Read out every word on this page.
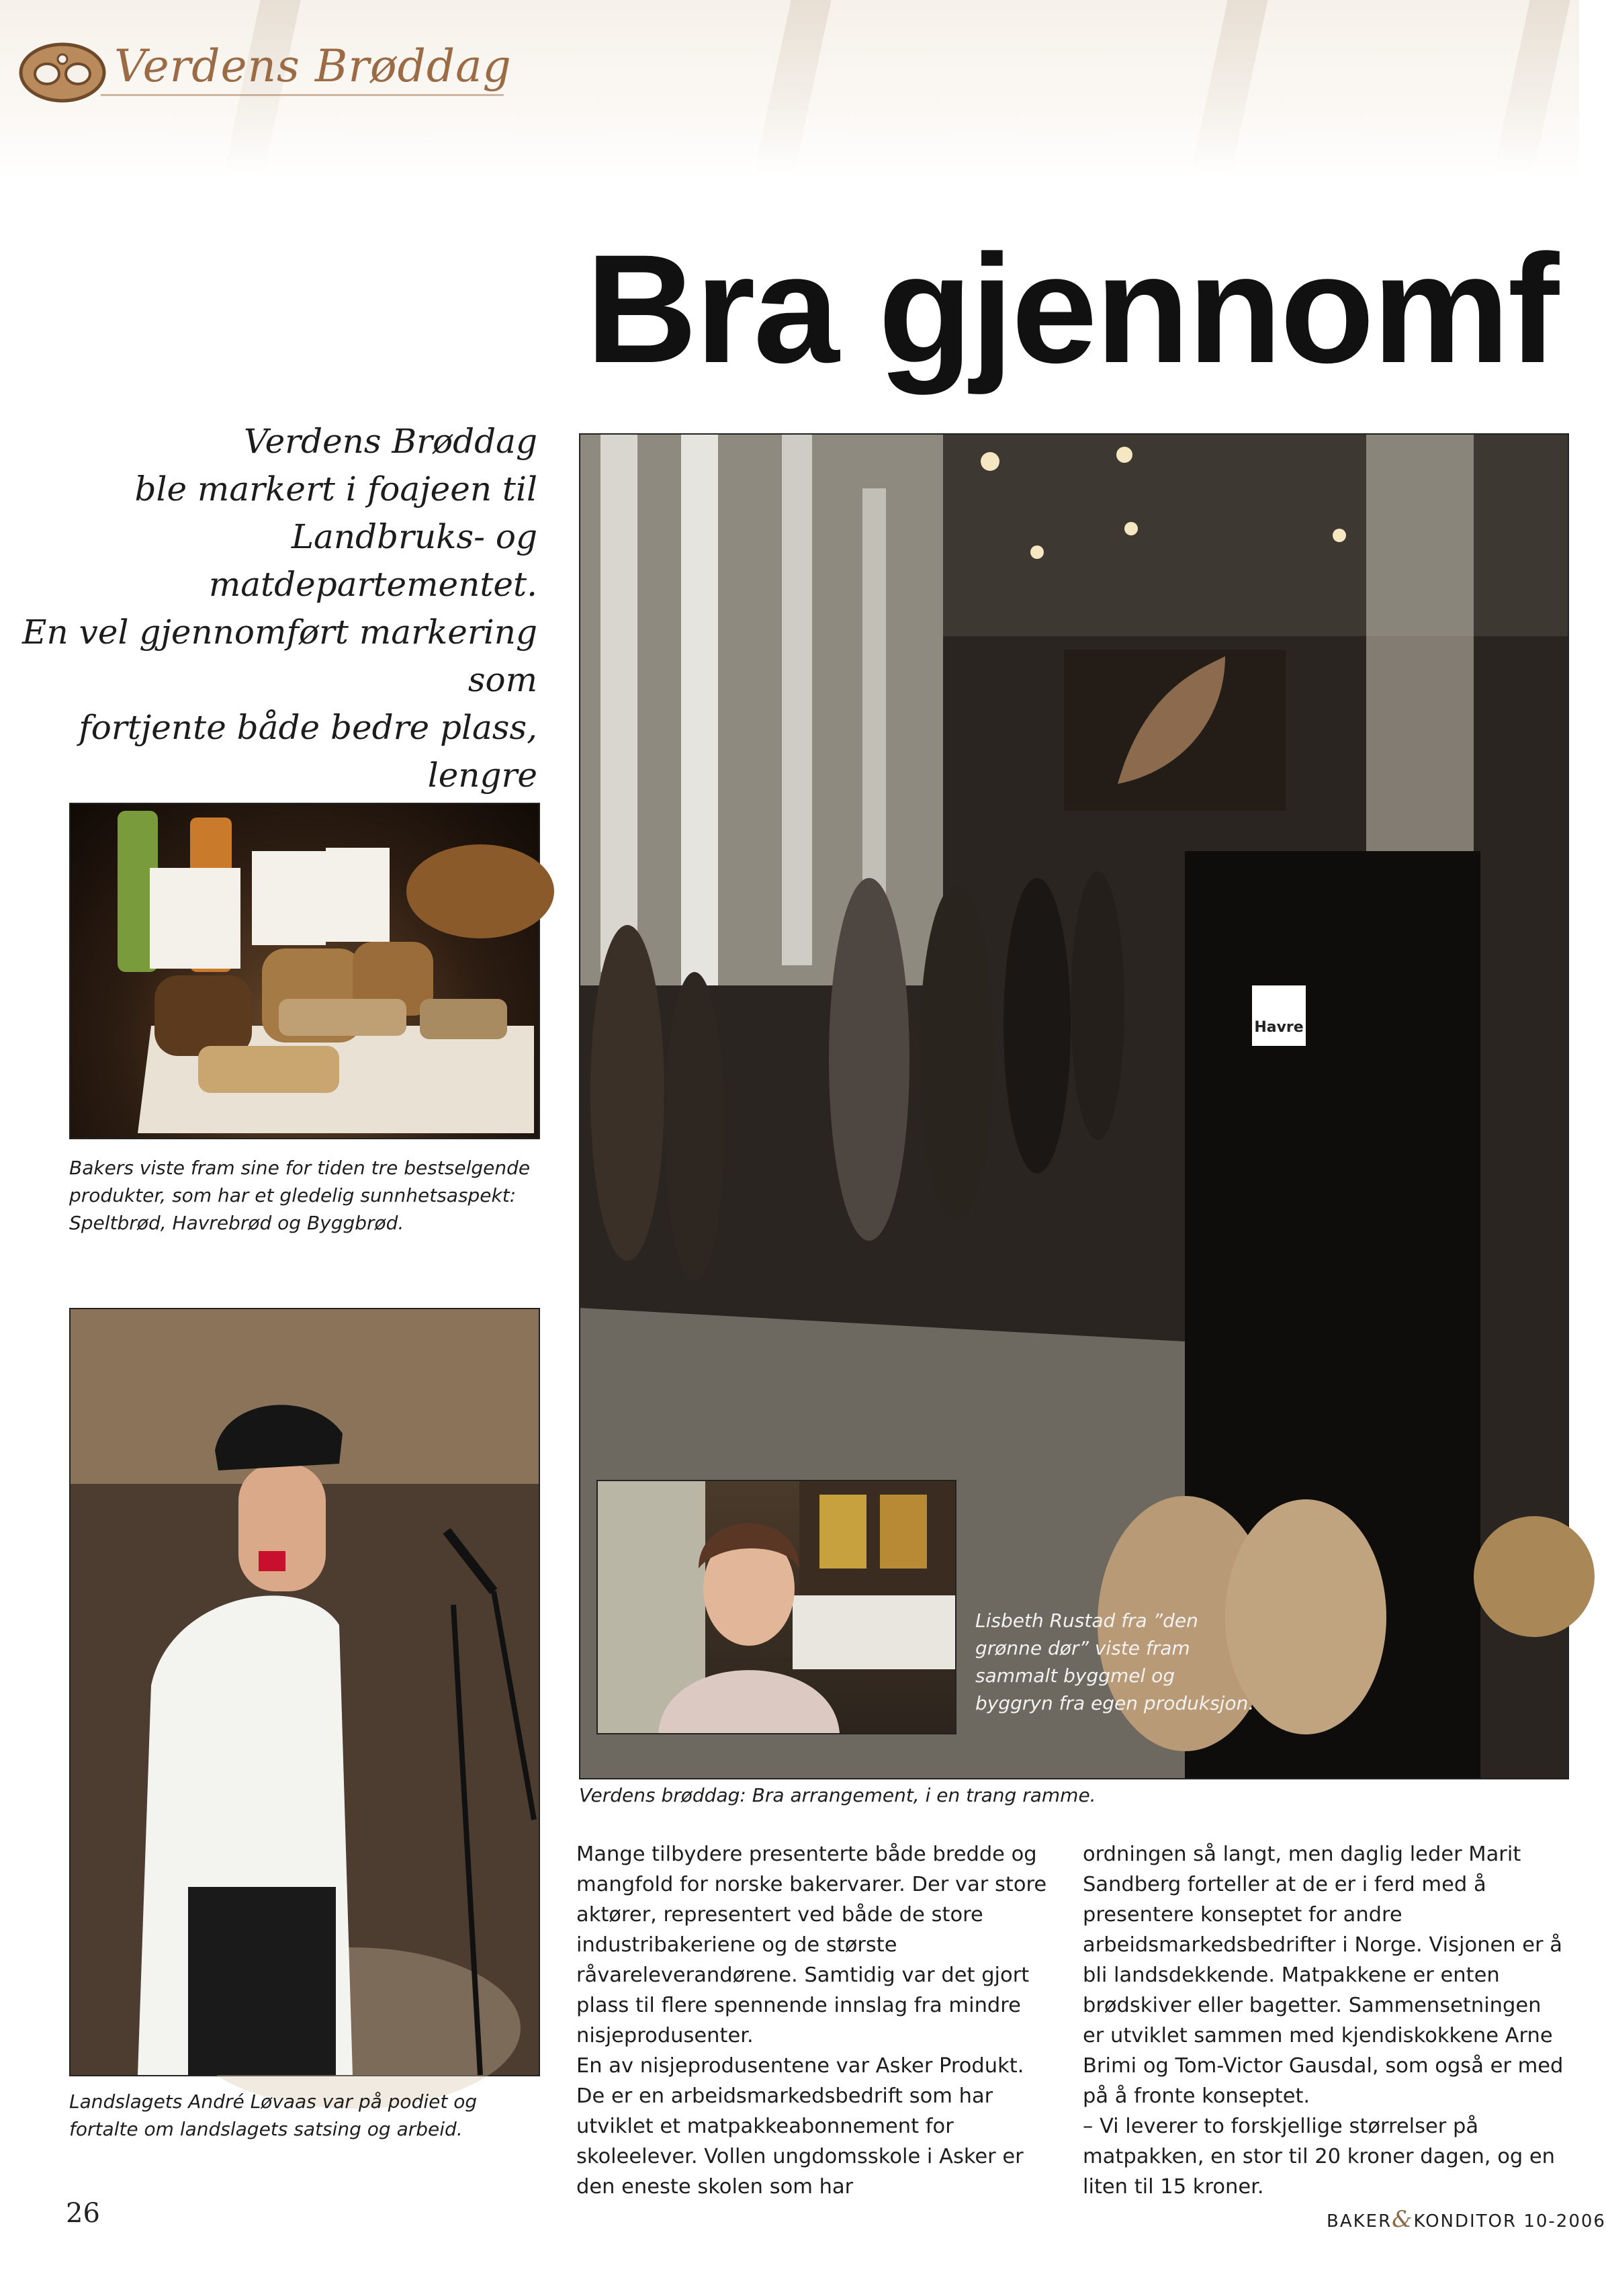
Verdens Brøddag
Bra gjennomf
Verdens Brøddag
ble markert i foajeen til
Landbruks- og matdepartementet.
En vel gjennomført markering som
fortjente både bedre plass, lengre
Bakers viste fram sine for tiden tre bestselgende produkter, som har et gledelig sunnhetsaspekt: Speltbrød, Havrebrød og Byggbrød.
Landslagets André Løvaas var på podiet og fortalte om landslagets satsing og arbeid.
Havre
Lisbeth Rustad fra ”den grønne dør” viste fram sammalt byggmel og byggryn fra egen produksjon.
Verdens brøddag: Bra arrangement, i en trang ramme.

Mange tilbydere presenterte både bredde og mangfold for norske bakervarer. Der var store aktører, representert ved både de store industribakeriene og de største råvareleverandørene. Samtidig var det gjort plass til flere spennende innslag fra mindre nisjeprodusenter.

En av nisjeprodusentene var Asker Produkt. De er en arbeidsmarkedsbedrift som har utviklet et matpakkeabonnement for skoleelever. Vollen ungdomsskole i Asker er den eneste skolen som har

ordningen så langt, men daglig leder Marit Sandberg forteller at de er i ferd med å presentere konseptet for andre arbeidsmarkedsbedrifter i Norge. Visjonen er å bli landsdekkende. Matpakkene er enten brødskiver eller bagetter. Sammensetningen er utviklet sammen med kjendiskokkene Arne Brimi og Tom-Victor Gausdal, som også er med på å fronte konseptet.

– Vi leverer to forskjellige størrelser på matpakken, en stor til 20 kroner dagen, og en liten til 15 kroner.

26	BAKER&KONDITOR 10-2006
